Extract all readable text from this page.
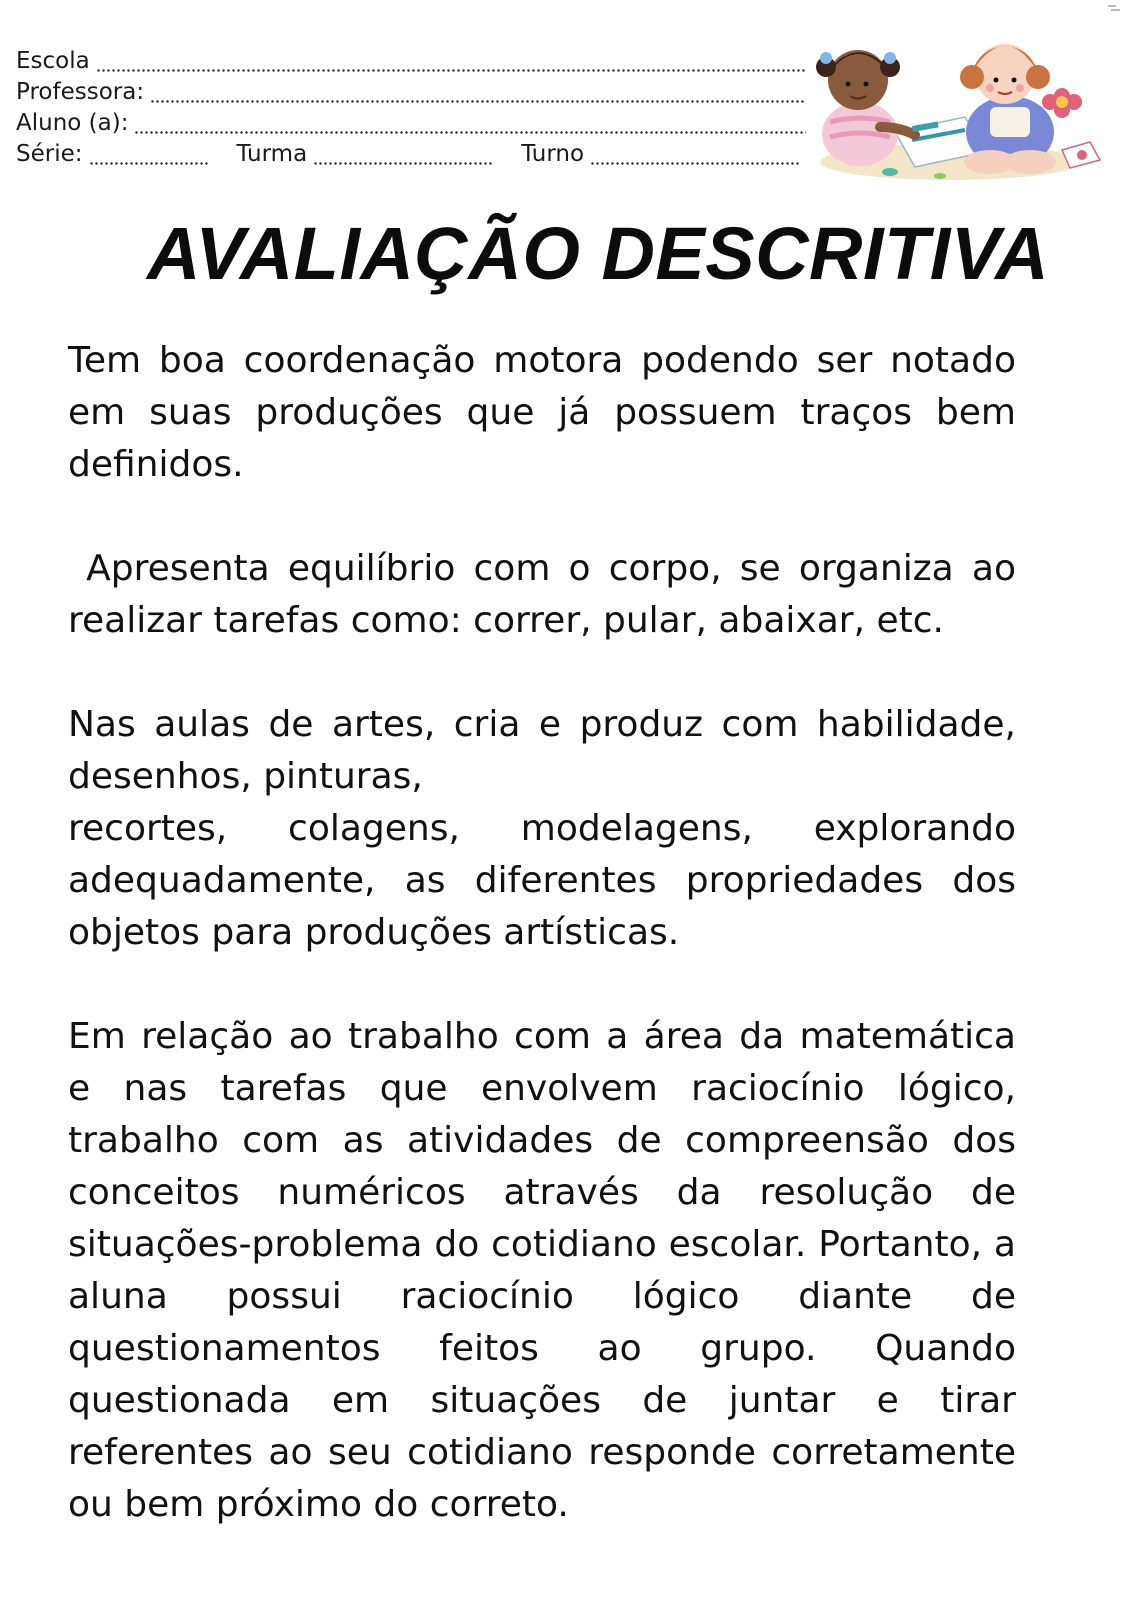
Escola
Professora:
Aluno (a):
Série:	Turma	Turno
AVALIAÇÃO DESCRITIVA

Tem boa coordenação motora podendo ser notado em suas produções que já possuem traços bem definidos.

Apresenta equilíbrio com o corpo, se organiza ao realizar tarefas como: correr, pular, abaixar, etc.

Nas aulas de artes, cria e produz com habilidade, desenhos, pinturas,

recortes, colagens, modelagens, explorando adequadamente, as diferentes propriedades dos objetos para produções artísticas.

Em relação ao trabalho com a área da matemática e nas tarefas que envolvem raciocínio lógico, trabalho com as atividades de compreensão dos conceitos numéricos através da resolução de situações-problema do cotidiano escolar. Portanto, a aluna possui raciocínio lógico diante de questionamentos feitos ao grupo. Quando questionada em situações de juntar e tirar referentes ao seu cotidiano responde corretamente ou bem próximo do correto.
